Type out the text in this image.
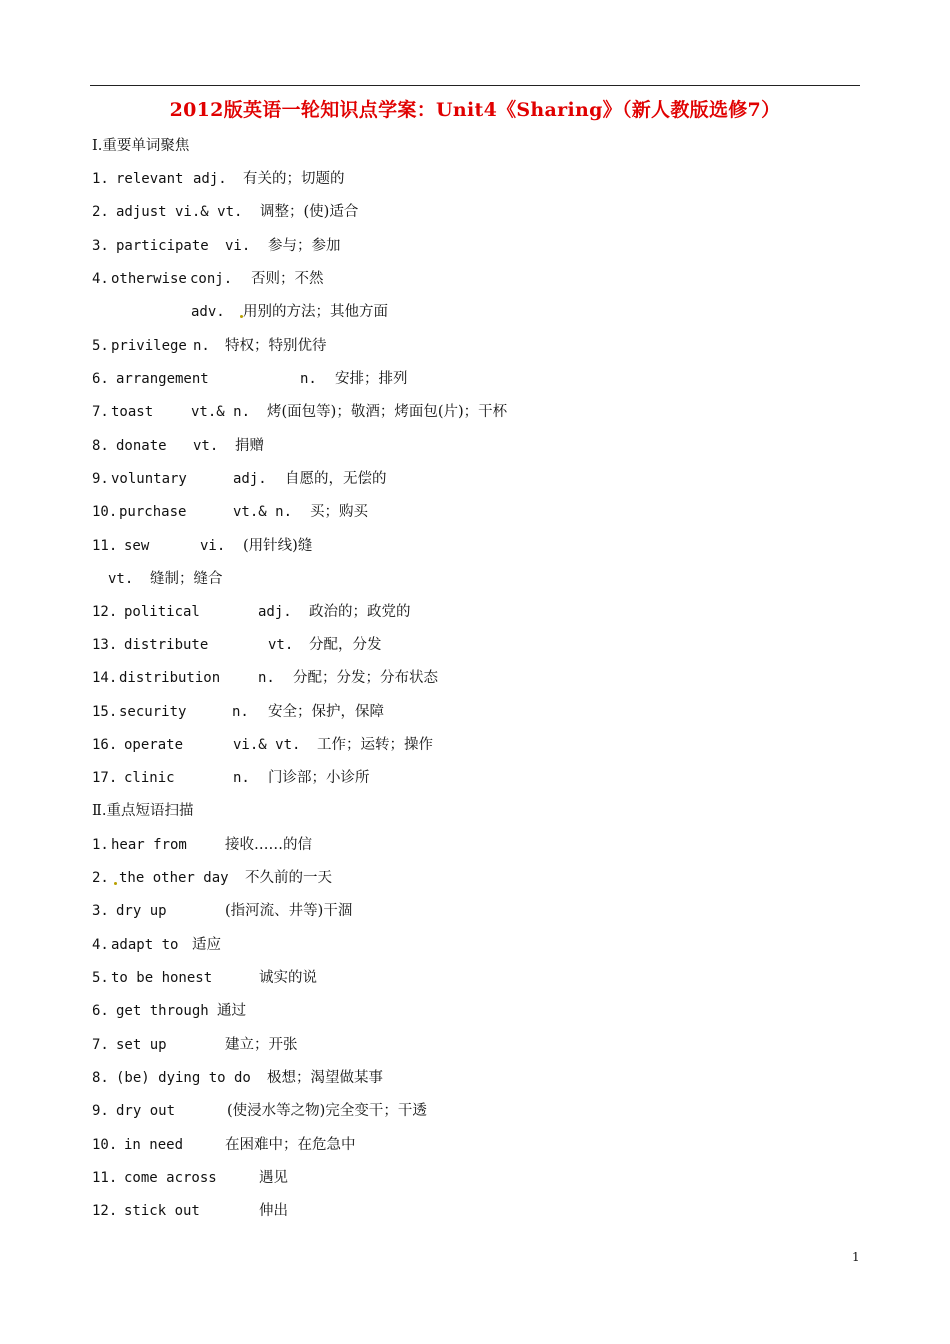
2012版英语一轮知识点学案：Unit4《Sharing》（新人教版选修7）
Ⅰ.重要单词聚焦
1. relevant adj. 有关的；切题的
2. adjust vi.& vt. 调整；(使)适合
3. participate vi. 参与；参加
4. otherwise conj. 否则；不然
adv. 用别的方法；其他方面
5. privilege n. 特权；特别优待
6. arrangement	n. 安排；排列
7. toast	vt.& n. 烤(面包等)；敬酒；烤面包(片)；干杯
8. donate vt. 捐赠
9. voluntary	adj. 自愿的，无偿的
10. purchase	vt.& n. 买；购买
11. sew	vi. (用针线)缝
vt. 缝制；缝合
12. political	adj. 政治的；政党的
13. distribute	vt. 分配，分发
14. distribution	n. 分配；分发；分布状态
15. security	n. 安全；保护，保障
16. operate	vi.& vt. 工作；运转；操作
17. clinic	n. 门诊部；小诊所
Ⅱ.重点短语扫描
1. hear from	接收……的信
2. the other day 不久前的一天
3. dry up	(指河流、井等)干涸
4. adapt to 适应
5. to be honest	诚实的说
6. get through 通过
7. set up	建立；开张
8. (be) dying to do 极想；渴望做某事
9. dry out	(使浸水等之物)完全变干；干透
10. in need	在困难中；在危急中
11. come across	遇见
12. stick out	伸出
1
